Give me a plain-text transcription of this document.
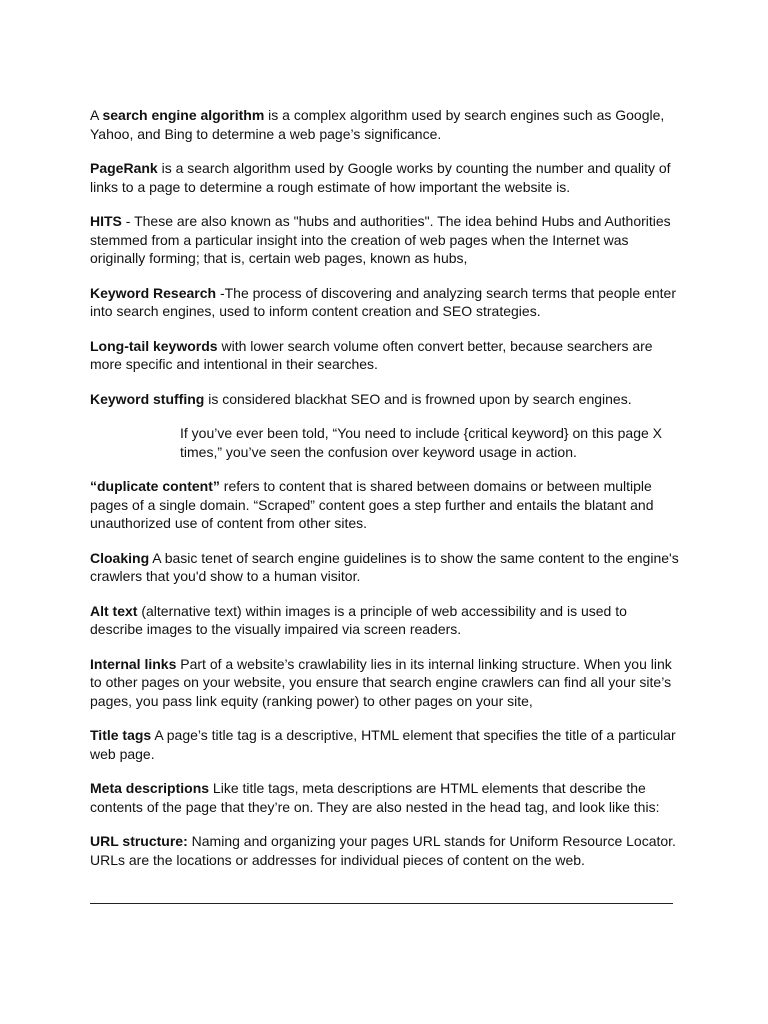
A search engine algorithm is a complex algorithm used by search engines such as Google, Yahoo, and Bing to determine a web page’s significance.

PageRank is a search algorithm used by Google works by counting the number and quality of links to a page to determine a rough estimate of how important the website is.

HITS - These are also known as "hubs and authorities". The idea behind Hubs and Authorities stemmed from a particular insight into the creation of web pages when the Internet was originally forming; that is, certain web pages, known as hubs,

Keyword Research -The process of discovering and analyzing search terms that people enter into search engines, used to inform content creation and SEO strategies.

Long-tail keywords with lower search volume often convert better, because searchers are more specific and intentional in their searches.

Keyword stuffing is considered blackhat SEO and is frowned upon by search engines.

If you’ve ever been told, “You need to include {critical keyword} on this page X times,” you’ve seen the confusion over keyword usage in action.

“duplicate content” refers to content that is shared between domains or between multiple pages of a single domain. “Scraped” content goes a step further and entails the blatant and unauthorized use of content from other sites.

Cloaking A basic tenet of search engine guidelines is to show the same content to the engine's crawlers that you'd show to a human visitor.

Alt text (alternative text) within images is a principle of web accessibility and is used to describe images to the visually impaired via screen readers.

Internal links Part of a website’s crawlability lies in its internal linking structure. When you link to other pages on your website, you ensure that search engine crawlers can find all your site’s pages, you pass link equity (ranking power) to other pages on your site,

Title tags A page’s title tag is a descriptive, HTML element that specifies the title of a particular web page.

Meta descriptions Like title tags, meta descriptions are HTML elements that describe the contents of the page that they’re on. They are also nested in the head tag, and look like this:

URL structure: Naming and organizing your pages URL stands for Uniform Resource Locator. URLs are the locations or addresses for individual pieces of content on the web.
